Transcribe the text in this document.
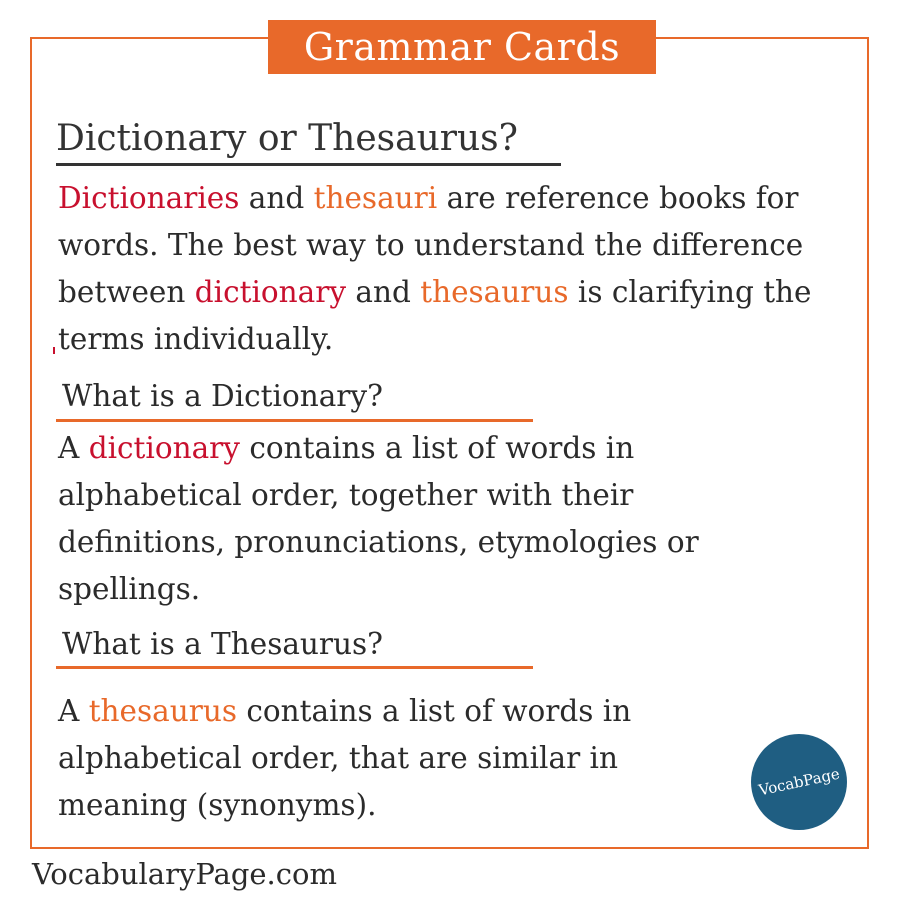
Grammar Cards
Dictionary or Thesaurus?

Dictionaries and thesauri are reference books for words. The best way to understand the difference between dictionary and thesaurus is clarifying the terms individually.

What is a Dictionary?

A dictionary contains a list of words in alphabetical order, together with their definitions, pronunciations, etymologies or spellings.

What is a Thesaurus?

A thesaurus contains a list of words in alphabetical order, that are similar in meaning (synonyms).

VocabPage
VocabularyPage.com
